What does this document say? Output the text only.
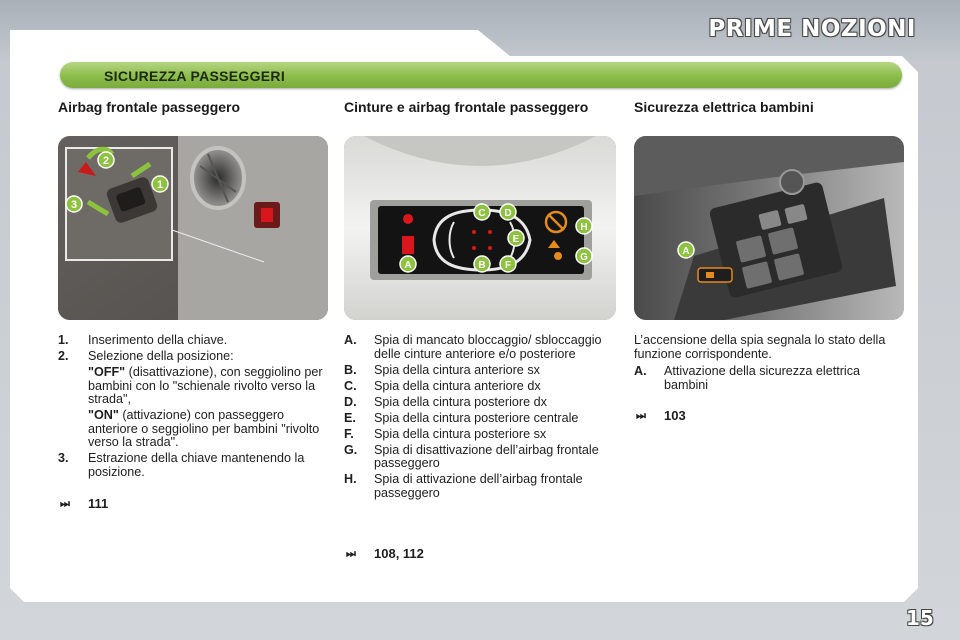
PRIME NOZIONI
SICUREZZA PASSEGGERI
Airbag frontale passeggero	Cinture e airbag frontale passeggero	Sicurezza elettrica bambini
2
1
3
A
C D
E
B F
H
G
A
1.	Inserimento della chiave.
2.	Selezione della posizione:
"OFF" (disattivazione), con seggiolino per bambini con lo "schienale rivolto verso la strada",
"ON" (attivazione) con passeggero anteriore o seggiolino per bambini "rivolto verso la strada".
3.	Estrazione della chiave mantenendo la posizione.
⏭	111
A.	Spia di mancato bloccaggio/ sbloccaggio delle cinture anteriore e/o posteriore
B.	Spia della cintura anteriore sx
C.	Spia della cintura anteriore dx
D.	Spia della cintura posteriore dx
E.	Spia della cintura posteriore centrale
F.	Spia della cintura posteriore sx
G.	Spia di disattivazione dell’airbag frontale passeggero
H.	Spia di attivazione dell’airbag frontale passeggero
⏭	108, 112
L’accensione della spia segnala lo stato della funzione corrispondente.
A.	Attivazione della sicurezza elettrica bambini
⏭	103
15
